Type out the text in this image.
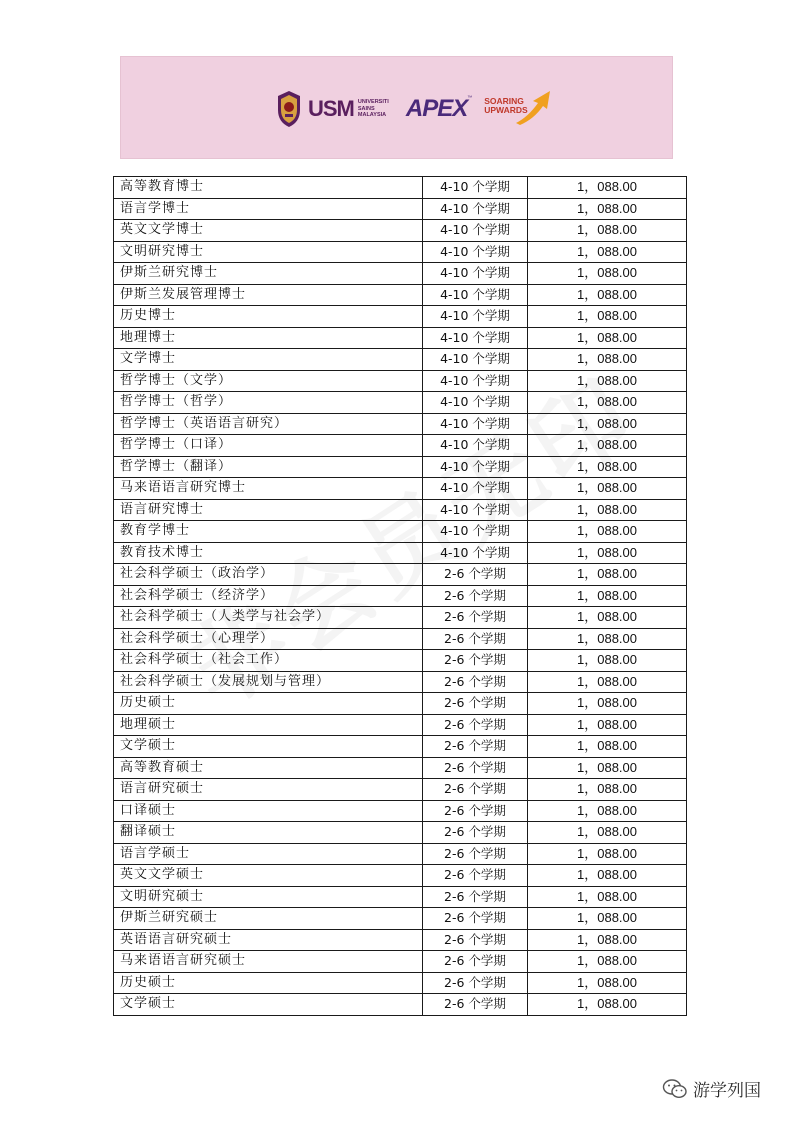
USM UNIVERSITI SAINS MALAYSIA APEX ™ SOARING UPWARDS
高等教育博士	4-10 个学期	1，088.00
语言学博士	4-10 个学期	1，088.00
英文文学博士	4-10 个学期	1，088.00
文明研究博士	4-10 个学期	1，088.00
伊斯兰研究博士	4-10 个学期	1，088.00
伊斯兰发展管理博士	4-10 个学期	1，088.00
历史博士	4-10 个学期	1，088.00
地理博士	4-10 个学期	1，088.00
文学博士	4-10 个学期	1，088.00
哲学博士（文学）	4-10 个学期	1，088.00
哲学博士（哲学）	4-10 个学期	1，088.00
哲学博士（英语语言研究）	4-10 个学期	1，088.00
哲学博士（口译）	4-10 个学期	1，088.00
哲学博士（翻译）	4-10 个学期	1，088.00
马来语语言研究博士	4-10 个学期	1，088.00
语言研究博士	4-10 个学期	1，088.00
教育学博士	4-10 个学期	1，088.00
教育技术博士	4-10 个学期	1，088.00
社会科学硕士（政治学）	2-6 个学期	1，088.00
社会科学硕士（经济学）	2-6 个学期	1，088.00
社会科学硕士（人类学与社会学）	2-6 个学期	1，088.00
社会科学硕士（心理学）	2-6 个学期	1，088.00
社会科学硕士（社会工作）	2-6 个学期	1，088.00
社会科学硕士（发展规划与管理）	2-6 个学期	1，088.00
历史硕士	2-6 个学期	1，088.00
地理硕士	2-6 个学期	1，088.00
文学硕士	2-6 个学期	1，088.00
高等教育硕士	2-6 个学期	1，088.00
语言研究硕士	2-6 个学期	1，088.00
口译硕士	2-6 个学期	1，088.00
翻译硕士	2-6 个学期	1，088.00
语言学硕士	2-6 个学期	1，088.00
英文文学硕士	2-6 个学期	1，088.00
文明研究硕士	2-6 个学期	1，088.00
伊斯兰研究硕士	2-6 个学期	1，088.00
英语语言研究硕士	2-6 个学期	1，088.00
马来语语言研究硕士	2-6 个学期	1，088.00
历史硕士	2-6 个学期	1，088.00
文学硕士	2-6 个学期	1，088.00
游学列国
